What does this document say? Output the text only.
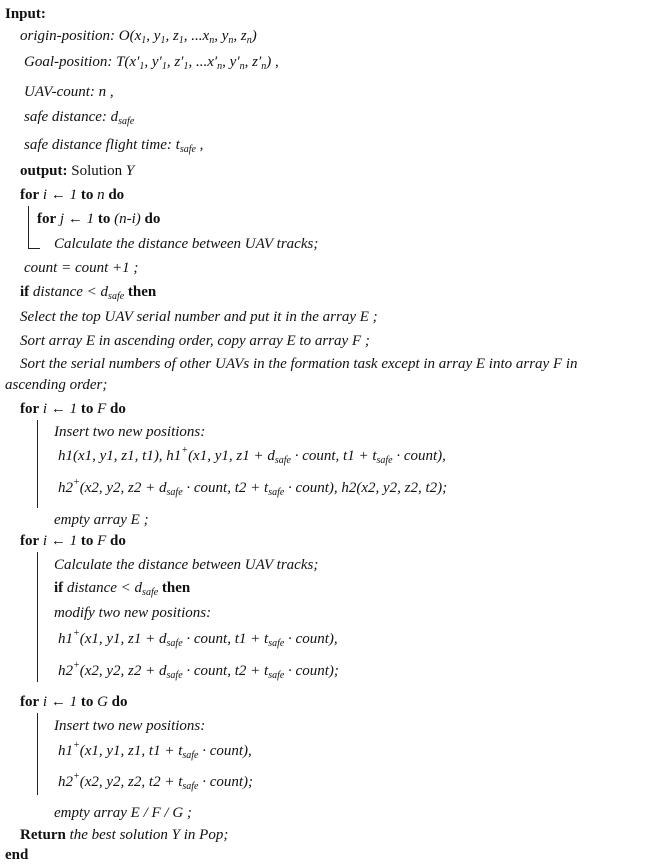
Input:
origin-position: $O(x_1$, $y_1$, $z_1$, $...x_n$, $y_n$, $z_n$)
Goal-position: $T(x'_1$, $y'_1$, $z'_1$, $...x'_n$, $y'_n$, $z'_n$) ,
UAV-count: n ,
safe distance: $d_{safe}$
safe distance flight time: $t_{safe}$ ,
output: Solution Y
for i ← 1 to n do
for j ← 1 to (n-i) do
Calculate the distance between UAV tracks;
count = count +1 ;
if distance < $d_{safe}$ then
Select the top UAV serial number and put it in the array E ;
Sort array E in ascending order, copy array E to array F ;
Sort the serial numbers of other UAVs in the formation task except in array E into array F in
ascending order;
for i ← 1 to F do
Insert two new positions:
h1(x1, y1, z1, t1), h1+(x1, y1, $z1 + d_{safe}$ · count, $t1 + t_{safe}$ · count),
h2+(x2, y2, $z2 + d_{safe}$ · count, $t2 + t_{safe}$ · count), h2(x2, y2, z2, t2);
empty array E ;
for i ← 1 to F do
Calculate the distance between UAV tracks;
if distance < $d_{safe}$ then
modify two new positions:
h1+(x1, y1, $z1 + d_{safe}$ · count, $t1 + t_{safe}$ · count),
h2+(x2, y2, $z2 + d_{safe}$ · count, $t2 + t_{safe}$ · count);
for i ← 1 to G do
Insert two new positions:
h1+(x1, y1, z1, $t1 + t_{safe}$ · count),
h2+(x2, y2, z2, $t2 + t_{safe}$ · count);
empty array E / F / G ;
Return the best solution Y in Pop;
end
